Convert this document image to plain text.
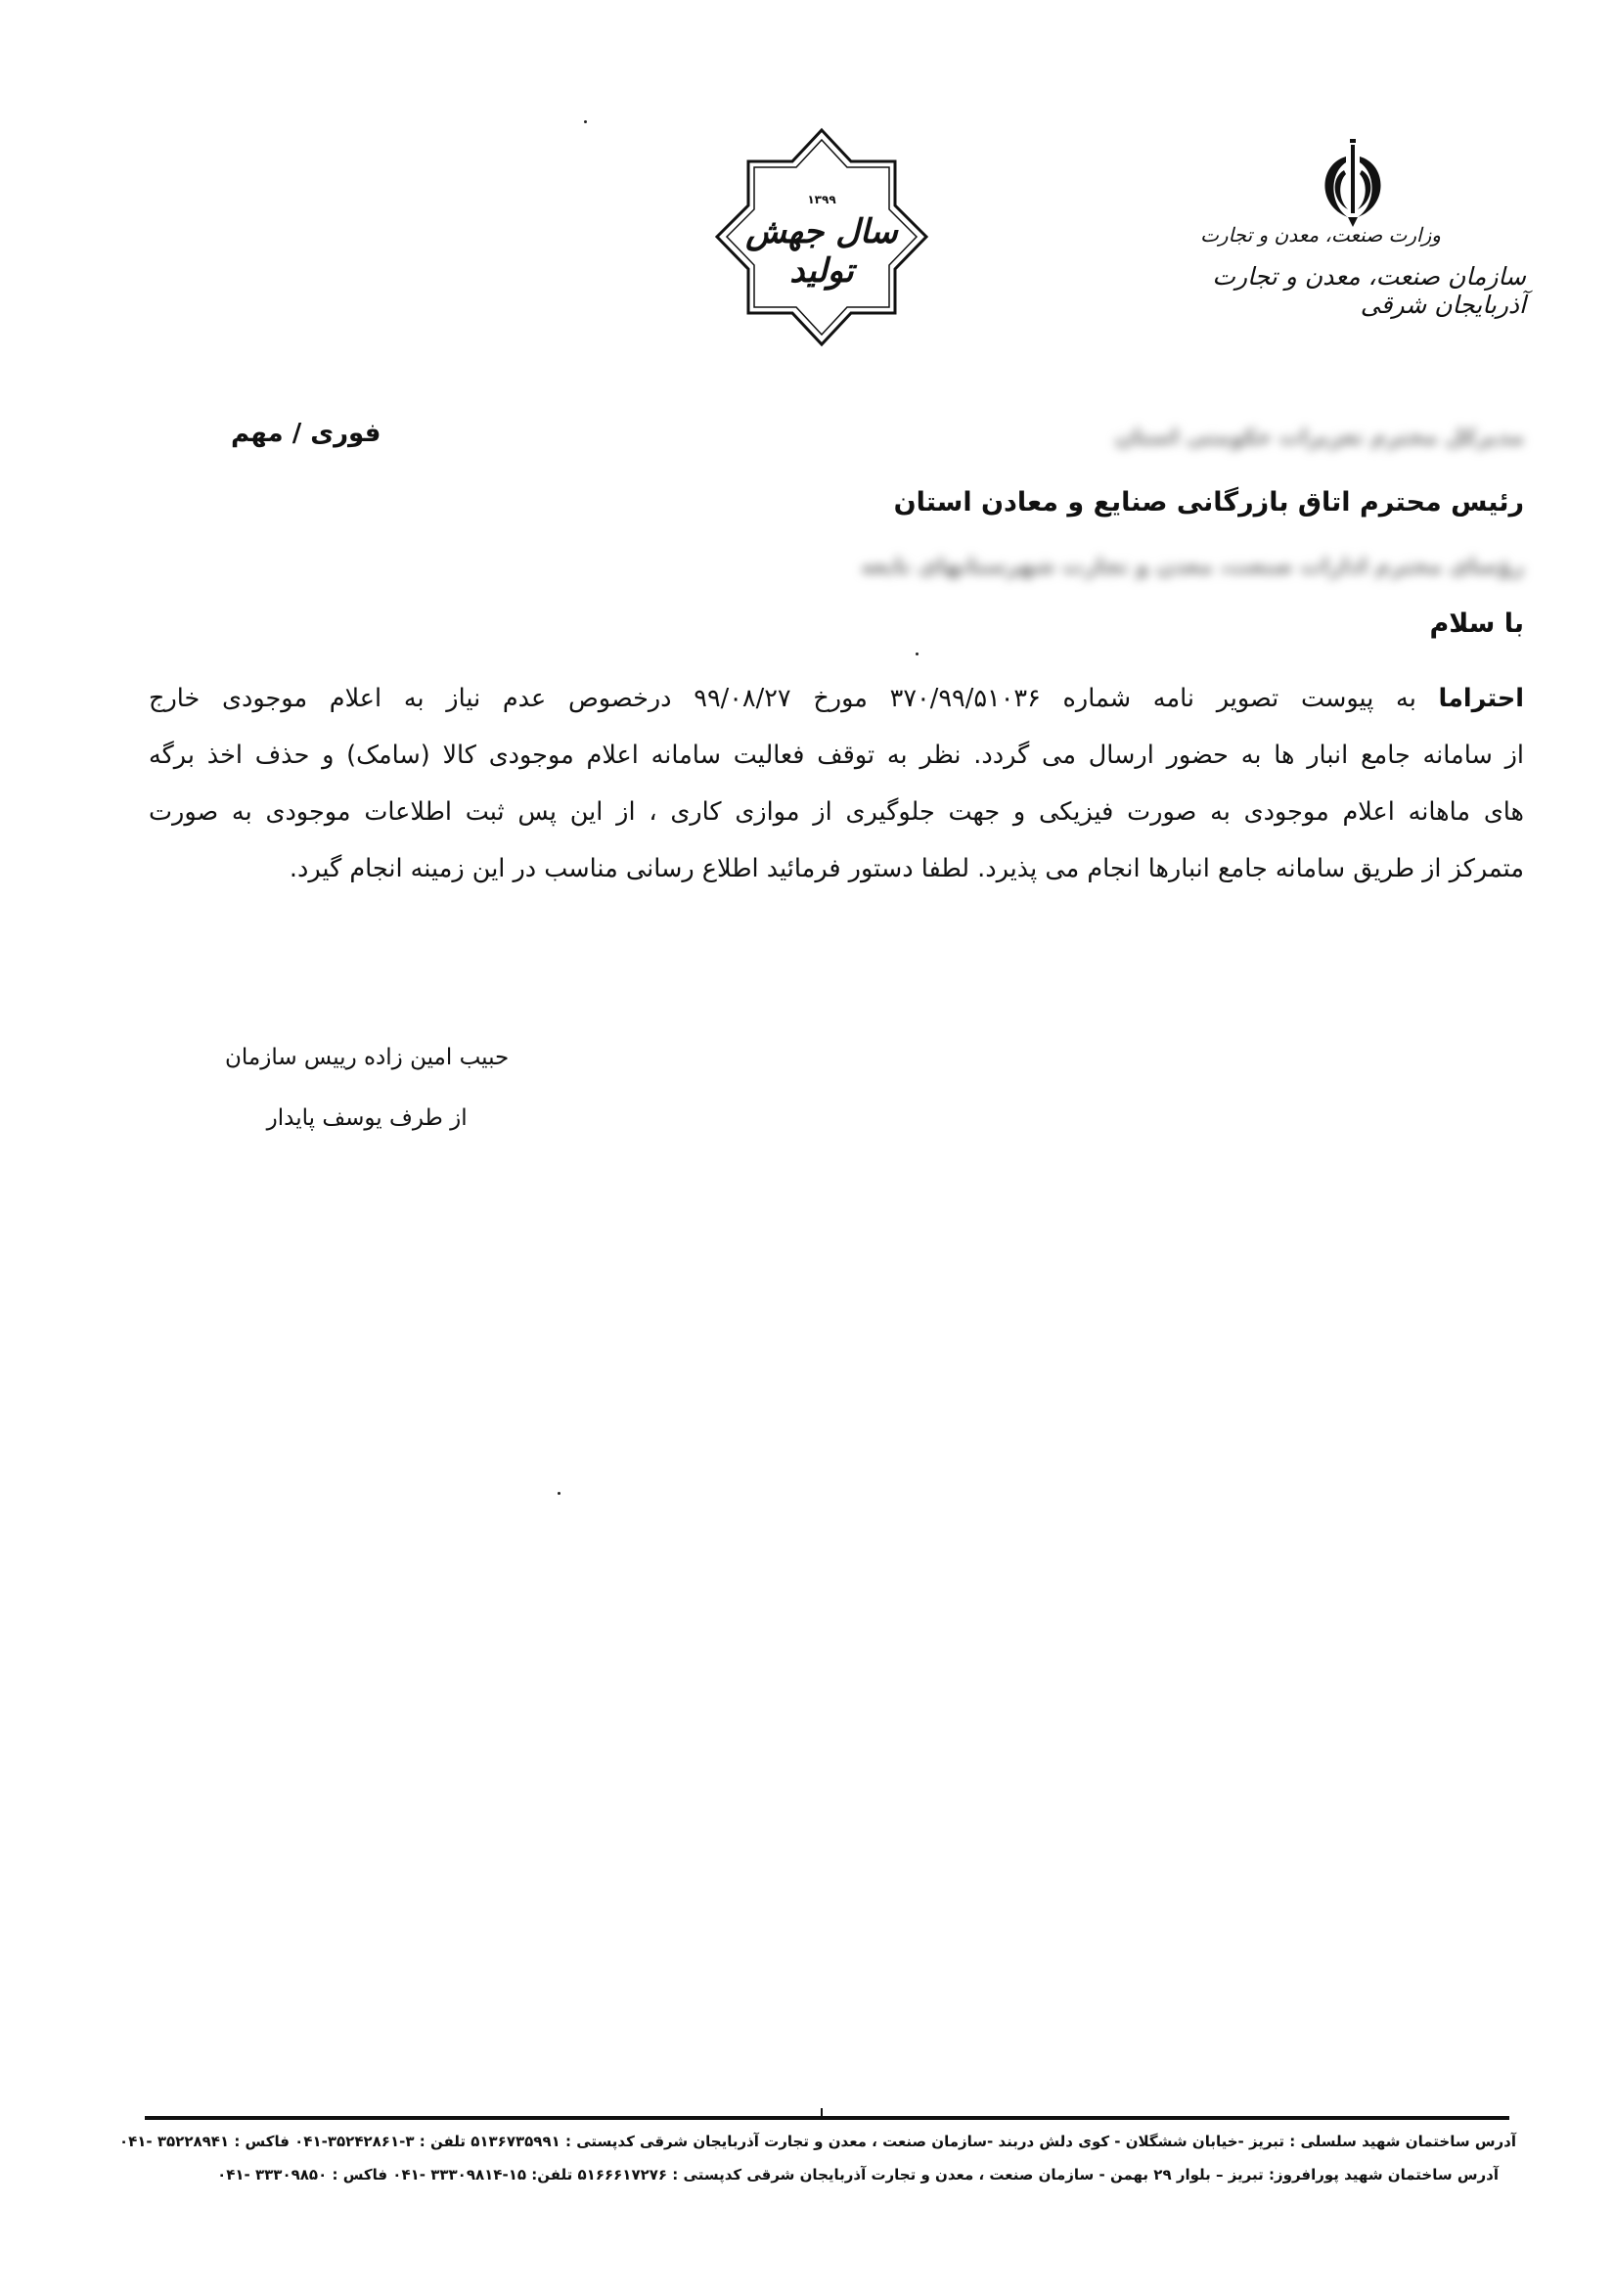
وزارت صنعت، معدن و تجارت
سازمان صنعت، معدن و تجارت آذربایجان شرقی
۱۳۹۹
سال جهش تولید
فوری / مهم	مدیرکل محترم تعزیرات حکومتی استان
رئیس محترم اتاق بازرگانی صنایع و معادن استان
رؤسای محترم ادارات صنعت، معدن و تجارت شهرستانهای تابعه
با سلام
احتراما به پیوست تصویر نامه شماره ۳۷۰/۹۹/۵۱۰۳۶ مورخ ۹۹/۰۸/۲۷ درخصوص عدم نیاز به اعلام موجودی خارج
از سامانه جامع انبار ها به حضور ارسال می گردد. نظر به توقف فعالیت سامانه اعلام موجودی کالا (سامک) و حذف اخذ برگه
های ماهانه اعلام موجودی به صورت فیزیکی و جهت جلوگیری از موازی کاری ، از این پس ثبت اطلاعات موجودی به صورت
متمرکز از طریق سامانه جامع انبارها انجام می پذیرد. لطفا دستور فرمائید اطلاع رسانی مناسب در این زمینه انجام گیرد.
حبیب امین زاده رییس سازمان
از طرف یوسف پایدار
آدرس ساختمان شهید سلسلی : تبریز -خیابان ششگلان - کوی دلش دربند -سازمان صنعت ، معدن و تجارت آذربایجان شرقی کدپستی : ۵۱۳۶۷۳۵۹۹۱ تلفن : ۳-۳۵۲۴۲۸۶۱-۰۴۱ فاکس : ۳۵۲۲۸۹۴۱ -۰۴۱
آدرس ساختمان شهید پورافروز: تبریز – بلوار ۲۹ بهمن - سازمان صنعت ، معدن و تجارت آذربایجان شرقی کدپستی : ۵۱۶۶۶۱۷۲۷۶ تلفن: ۱۵-۳۳۳۰۹۸۱۴ -۰۴۱ فاکس : ۳۳۳۰۹۸۵۰ -۰۴۱
